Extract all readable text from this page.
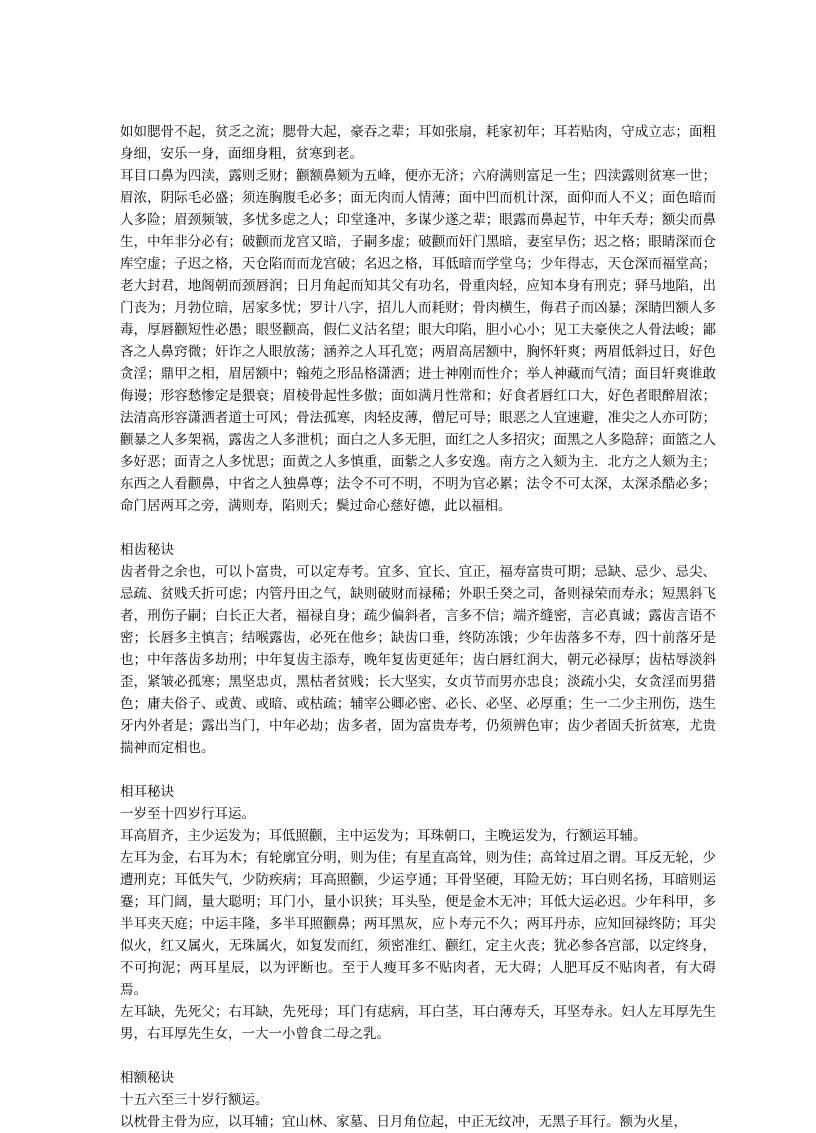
如如腮骨不起，贫乏之流；腮骨大起，豪吞之辈；耳如张扇，耗家初年；耳若贴肉，守成立志；面粗身细，安乐一身，面细身粗，贫寒到老。

耳目口鼻为四渎，露则乏财；颧额鼻颏为五峰，便亦无济；六府满则富足一生；四渎露则贫寒一世；眉浓，阴际毛必盛；须连胸腹毛必多；面无肉而人情薄；面中凹而机计深，面仰而人不义；面色暗而人多险；眉颈频皱，多忧多虑之人；印堂逢冲，多谋少遂之辈；眼露而鼻起节，中年夭寿；额尖而鼻生，中年非分必有；破颧而龙宫又暗，子嗣多虚；破颧而奸门黑暗，妻室早伤；迟之格；眼睛深而仓库空虚；子迟之格，天仓陷而而龙宫破；名迟之格，耳低暗而学堂乌；少年得志，天仓深而福堂高；老大封君，地阁朝而颈唇润；日月角起而知其父有功名，骨重肉轻，应知本身有刑克；驿马地陷，出门丧为；月勃位暗，居家多忧；罗计八字，招儿人而耗财；骨肉横生，侮君子而凶暴；深睛凹额人多毒，厚唇颧短性必愚；眼竖颧高，假仁义沽名望；眼大印陷，胆小心小；见工夫豪侠之人骨法峻；鄙吝之人鼻窍微；奸诈之人眼放荡；涵养之人耳孔宽；两眉高居额中，胸怀轩爽；两眉低斜过日，好色贪淫；鼎甲之相，眉居额中；翰苑之形品格潇洒；进士神刚而性介；举人神藏而气清；面目轩爽谁敢侮谩；形容愁惨定是猥衰；眉棱骨起性多傲；面如满月性常和；好食者唇红口大，好色者眼醉眉浓；法清高形容潇洒者道士可风；骨法孤寒，肉轻皮薄，僧尼可导；眼恶之人宜速避，准尖之人亦可防；颧暴之人多架祸，露齿之人多泄机；面白之人多无胆，面红之人多招灾；面黑之人多隐辞；面篮之人多好恶；面青之人多忧思；面黄之人多慎重，面紫之人多安逸。南方之入颏为主．北方之人颏为主；东西之人看颧鼻，中省之人独鼻尊；法令不可不明，不明为官必累；法令不可太深，太深杀酷必多；命门居两耳之旁，满则寿，陷则夭；鬓过命心慈好德，此以福相。

相齿秘诀

齿者骨之余也，可以卜富贵，可以定寿考。宜多、宜长、宜正，福寿富贵可期；忌缺、忌少、忌尖、忌疏、贫贱夭折可虑；内管丹田之气，缺则破财而禄稀；外职壬癸之司，备则禄荣而寿永；短黑斜飞者，刑伤子嗣；白长正大者，福禄自身；疏少偏斜者，言多不信；端齐缝密，言必真诚；露齿言语不密；长唇多主慎言；结喉露齿，必死在他乡；缺齿口垂，终防冻饿；少年齿落多不寿，四十前落牙是也；中年落齿多劫刑；中年复齿主添寿，晚年复齿更延年；齿白唇红润大，朝元必禄厚；齿枯辱淡斜歪，紧皱必孤寒；黑坚忠贞，黑枯者贫贱；长大坚实，女贞节而男亦忠良；淡疏小尖，女贪淫而男猎色；庸夫俗子、或黄、或暗、或枯疏；辅宰公卿必密、必长、必坚、必厚重；生一二少主刑伤，迭生牙内外者是；露出当门，中年必劫；齿多者，固为富贵寿考，仍须辨色审；齿少者固夭折贫寒，尤贵揣神而定相也。

相耳秘诀

一岁至十四岁行耳运。

耳高眉齐，主少运发为；耳低照颧，主中运发为；耳珠朝口，主晚运发为，行额运耳辅。

左耳为金，右耳为木；有轮廓宜分明，则为佳；有星直高耸，则为佳；高耸过眉之谓。耳反无轮，少遭刑克；耳低失气，少防疾病；耳高照颧，少运亨通；耳骨坚硬，耳险无妨；耳白则名扬，耳暗则运蹇；耳门阔，量大聪明；耳门小，量小识狭；耳头坠，便是金木无冲；耳低大运必迟。少年科甲，多半耳夹天庭；中运丰隆，多半耳照颧鼻；两耳黑灰，应卜寿元不久；两耳丹赤，应知回禄终防；耳尖似火，红又属火，无珠属火，如复发而红，须密准红、颧红，定主火丧；犹必参各宫部，以定终身，不可拘泥；两耳星辰，以为评断也。至于人瘦耳多不贴肉者，无大碍；人肥耳反不贴肉者，有大碍焉。

左耳缺，先死父；右耳缺，先死母；耳门有痣病，耳白茎，耳白薄寿夭，耳坚寿永。妇人左耳厚先生男，右耳厚先生女，一大一小曾食二母之乳。

相额秘诀

十五六至三十岁行额运。

以枕骨主骨为应，以耳辅；宜山林、家墓、日月角位起，中正无纹冲，无黑子耳行。额为火星，
